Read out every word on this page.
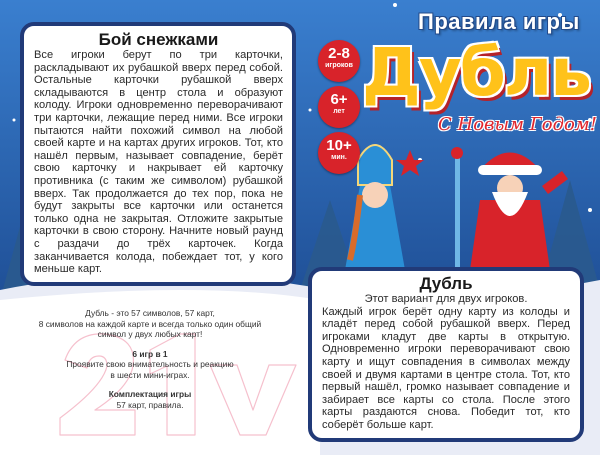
Бой снежками

Все игроки берут по три карточки, раскладывают их рубашкой вверх перед собой. Остальные карточки рубашкой вверх складываются в центр стола и образуют колоду. Игроки одновременно переворачивают три карточки, лежащие перед ними. Все игроки пытаются найти похожий символ на любой своей карте и на картах других игроков. Тот, кто нашёл первым, называет совпадение, берёт свою карточку и накрывает ей карточку противника (с таким же символом) рубашкой вверх. Так продолжается до тех пор, пока не будут закрыты все карточки или останется только одна не закрытая. Отложите закрытые карточки в свою сторону. Начните новый раунд с раздачи до трёх карточек. Когда заканчивается колода, побеждает тот, у кого меньше карт.

Дубль - это 57 символов, 57 карт,
8 символов на каждой карте и всегда только один общий
символ у двух любых карт!
6 игр в 1
Проявите свою внимательность и реакцию
в шести мини-играх.
Комплектация игры
57 карт, правила.
Правила игры
Дубль
С Новым Годом!
2-8
игроков
6+
лет
10+
мин.
Дубль

Этот вариант для двух игроков.

Каждый игрок берёт одну карту из колоды и кладёт перед собой рубашкой вверх. Перед игроками кладут две карты в открытую. Одновременно игроки переворачивают свою карту и ищут совпадения в символах между своей и двумя картами в центре стола. Тот, кто первый нашёл, громко называет совпадение и забирает все карты со стола. После этого карты раздаются снова. Победит тот, кто соберёт больше карт.
